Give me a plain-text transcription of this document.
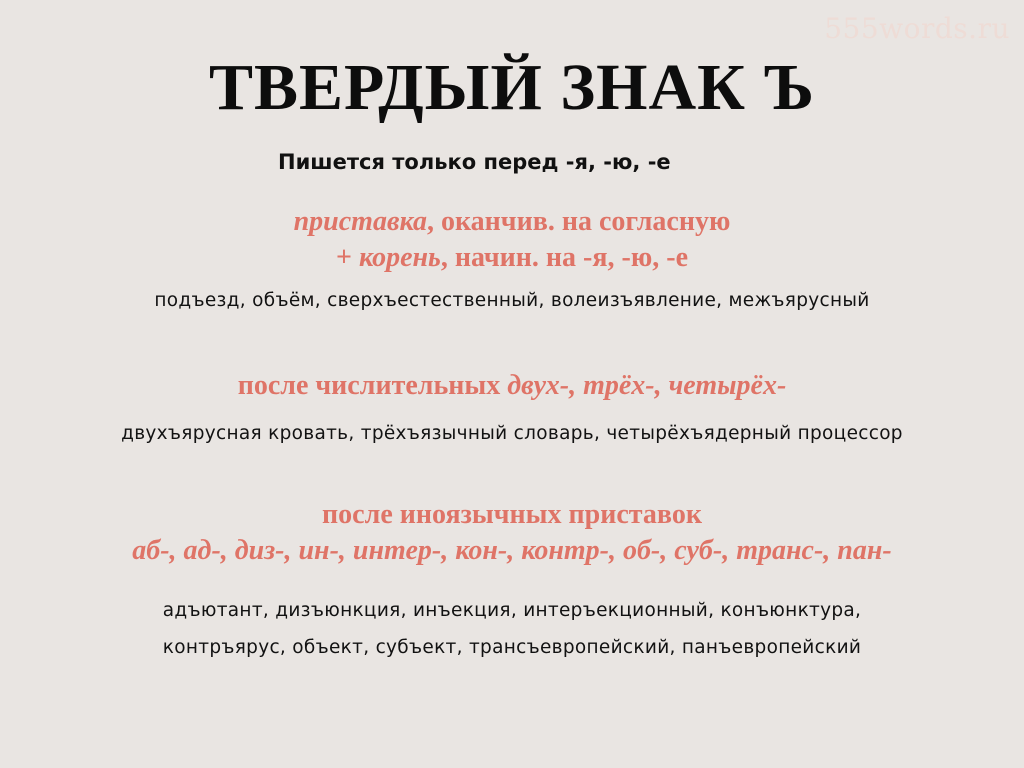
555words.ru
ТВЕРДЫЙ ЗНАК Ъ
Пишется только перед -я, -ю, -е
приставка, оканчив. на согласную
+ корень, начин. на -я, -ю, -е
подъезд, объём, сверхъестественный, волеизъявление, межъярусный
после числительных двух-, трёх-, четырёх-
двухъярусная кровать, трёхъязычный словарь, четырёхъядерный процессор
после иноязычных приставок
аб-, ад-, диз-, ин-, интер-, кон-, контр-, об-, суб-, транс-, пан-
адъютант, дизъюнкция, инъекция, интеръекционный, конъюнктура,
контръярус, объект, субъект, трансъевропейский, панъевропейский
